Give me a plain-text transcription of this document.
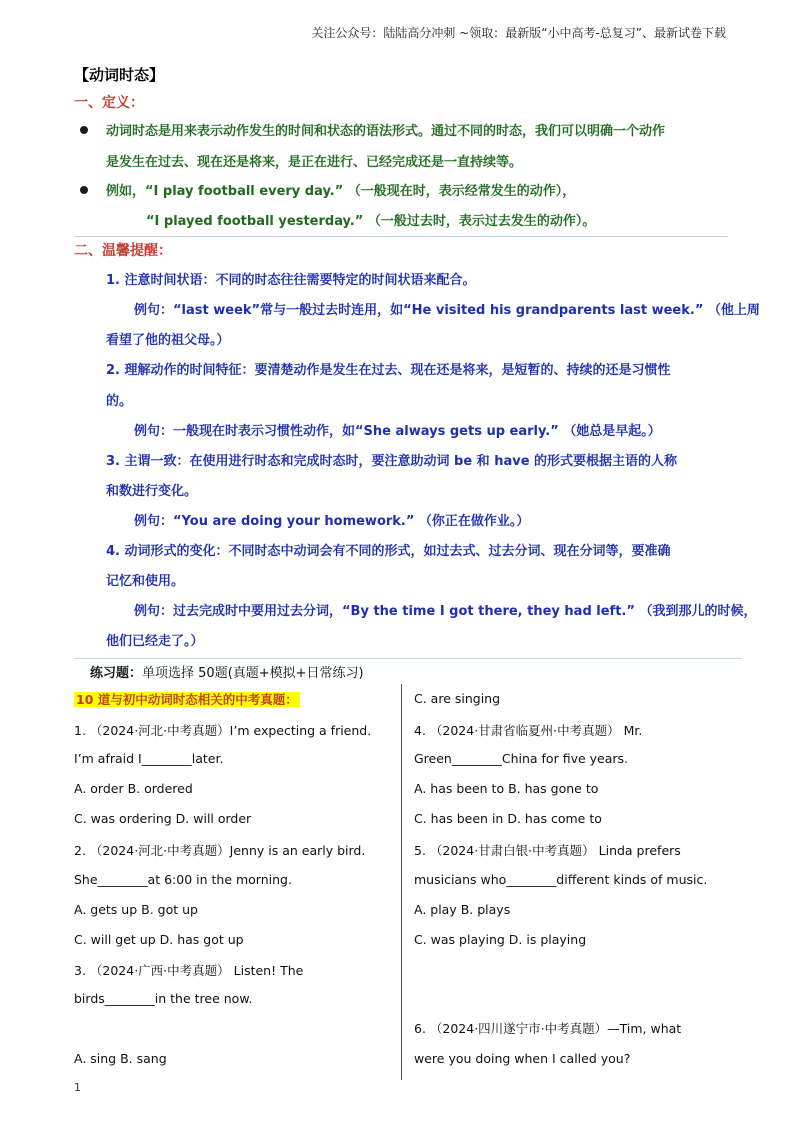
关注公众号：陆陆高分冲刺 ~领取：最新版“小中高考-总复习”、最新试卷下载
【动词时态】
一、定义：
动词时态是用来表示动作发生的时间和状态的语法形式。通过不同的时态，我们可以明确一个动作
是发生在过去、现在还是将来，是正在进行、已经完成还是一直持续等。
例如，“I play football every day.” （一般现在时，表示经常发生的动作），
“I played football yesterday.” （一般过去时，表示过去发生的动作）。
二、温馨提醒：
1. 注意时间状语：不同的时态往往需要特定的时间状语来配合。
例句：“last week”常与一般过去时连用，如“He visited his grandparents last week.” （他上周
看望了他的祖父母。）
2. 理解动作的时间特征：要清楚动作是发生在过去、现在还是将来，是短暂的、持续的还是习惯性
的。
例句：一般现在时表示习惯性动作，如“She always gets up early.” （她总是早起。）
3. 主谓一致：在使用进行时态和完成时态时，要注意助动词 be 和 have 的形式要根据主语的人称
和数进行变化。
例句：“You are doing your homework.” （你正在做作业。）
4. 动词形式的变化：不同时态中动词会有不同的形式，如过去式、过去分词、现在分词等，要准确
记忆和使用。
例句：过去完成时中要用过去分词，“By the time I got there, they had left.” （我到那儿的时候，
他们已经走了。）
练习题：单项选择 50题(真题+模拟+日常练习)
10 道与初中动词时态相关的中考真题：
1. （2024·河北·中考真题）I’m expecting a friend.
I’m afraid I________later.
A. order B. ordered
C. was ordering D. will order
2. （2024·河北·中考真题）Jenny is an early bird.
She________at 6:00 in the morning.
A. gets up B. got up
C. will get up D. has got up
3. （2024·广西·中考真题） Listen! The
birds________in the tree now.
A. sing B. sang
C. are singing
4. （2024·甘肃省临夏州·中考真题） Mr.
Green________China for five years.
A. has been to B. has gone to
C. has been in D. has come to
5. （2024·甘肃白银·中考真题） Linda prefers
musicians who________different kinds of music.
A. play B. plays
C. was playing D. is playing
6. （2024·四川遂宁市·中考真题）—Tim, what
were you doing when I called you?
1
